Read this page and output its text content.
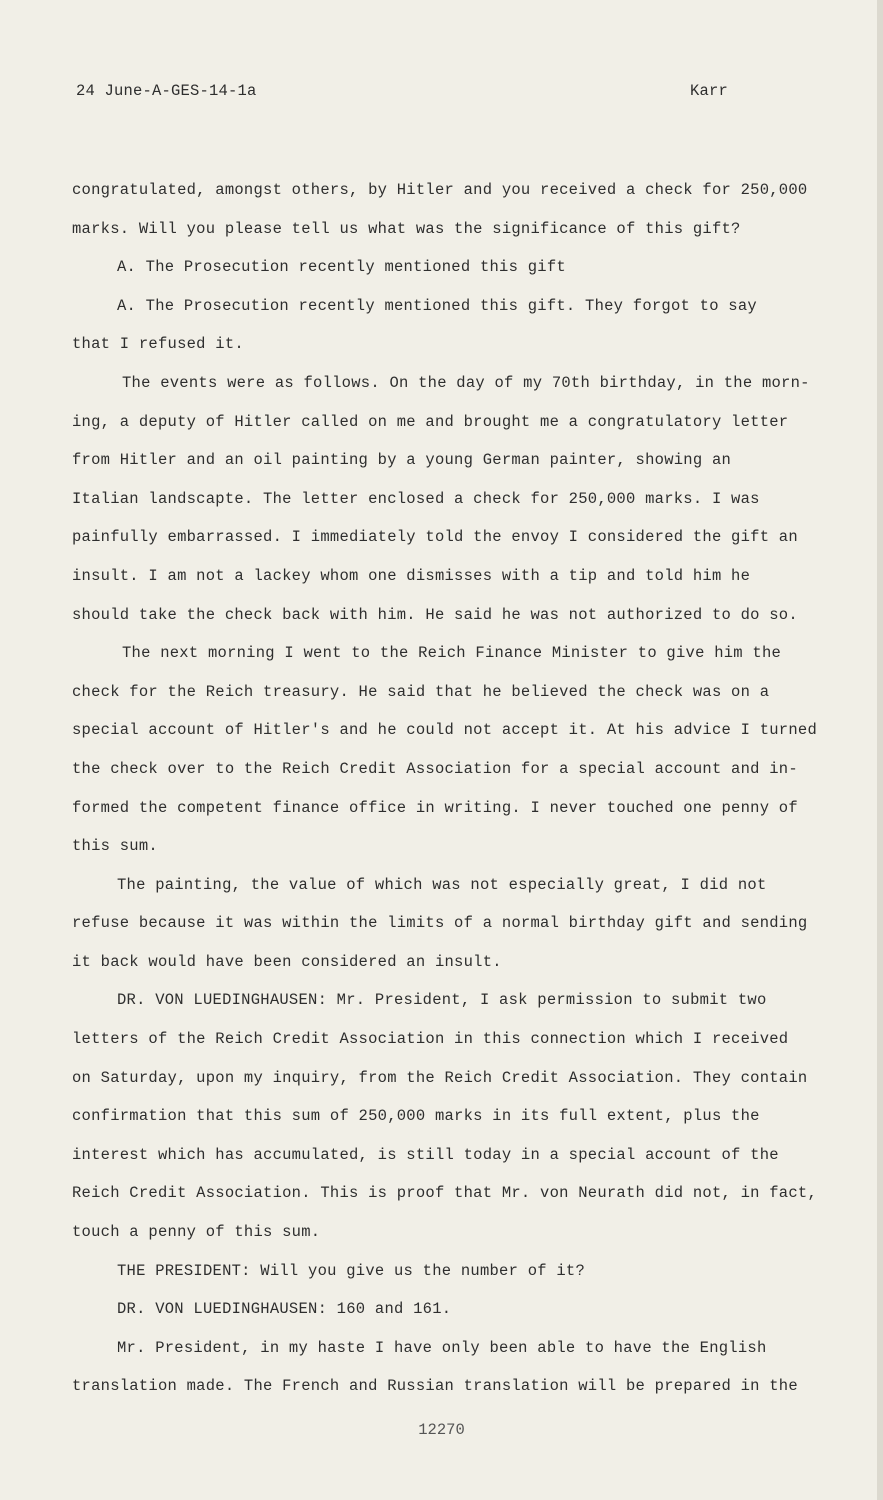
24 June-A-GES-14-1a	Karr
congratulated, amongst others, by Hitler and you received a check for 250,000
marks. Will you please tell us what was the significance of this gift?
A. The Prosecution recently mentioned this gift
A. The Prosecution recently mentioned this gift. They forgot to say
that I refused it.
The events were as follows. On the day of my 70th birthday, in the morn-
ing, a deputy of Hitler called on me and brought me a congratulatory letter
from Hitler and an oil painting by a young German painter, showing an
Italian landscapte. The letter enclosed a check for 250,000 marks. I was
painfully embarrassed. I immediately told the envoy I considered the gift an
insult. I am not a lackey whom one dismisses with a tip and told him he
should take the check back with him. He said he was not authorized to do so.
The next morning I went to the Reich Finance Minister to give him the
check for the Reich treasury. He said that he believed the check was on a
special account of Hitler's and he could not accept it. At his advice I turned
the check over to the Reich Credit Association for a special account and in-
formed the competent finance office in writing. I never touched one penny of
this sum.
The painting, the value of which was not especially great, I did not
refuse because it was within the limits of a normal birthday gift and sending
it back would have been considered an insult.
DR. VON LUEDINGHAUSEN: Mr. President, I ask permission to submit two
letters of the Reich Credit Association in this connection which I received
on Saturday, upon my inquiry, from the Reich Credit Association. They contain
confirmation that this sum of 250,000 marks in its full extent, plus the
interest which has accumulated, is still today in a special account of the
Reich Credit Association. This is proof that Mr. von Neurath did not, in fact,
touch a penny of this sum.
THE PRESIDENT: Will you give us the number of it?
DR. VON LUEDINGHAUSEN: 160 and 161.
Mr. President, in my haste I have only been able to have the English
translation made. The French and Russian translation will be prepared in the
12270
